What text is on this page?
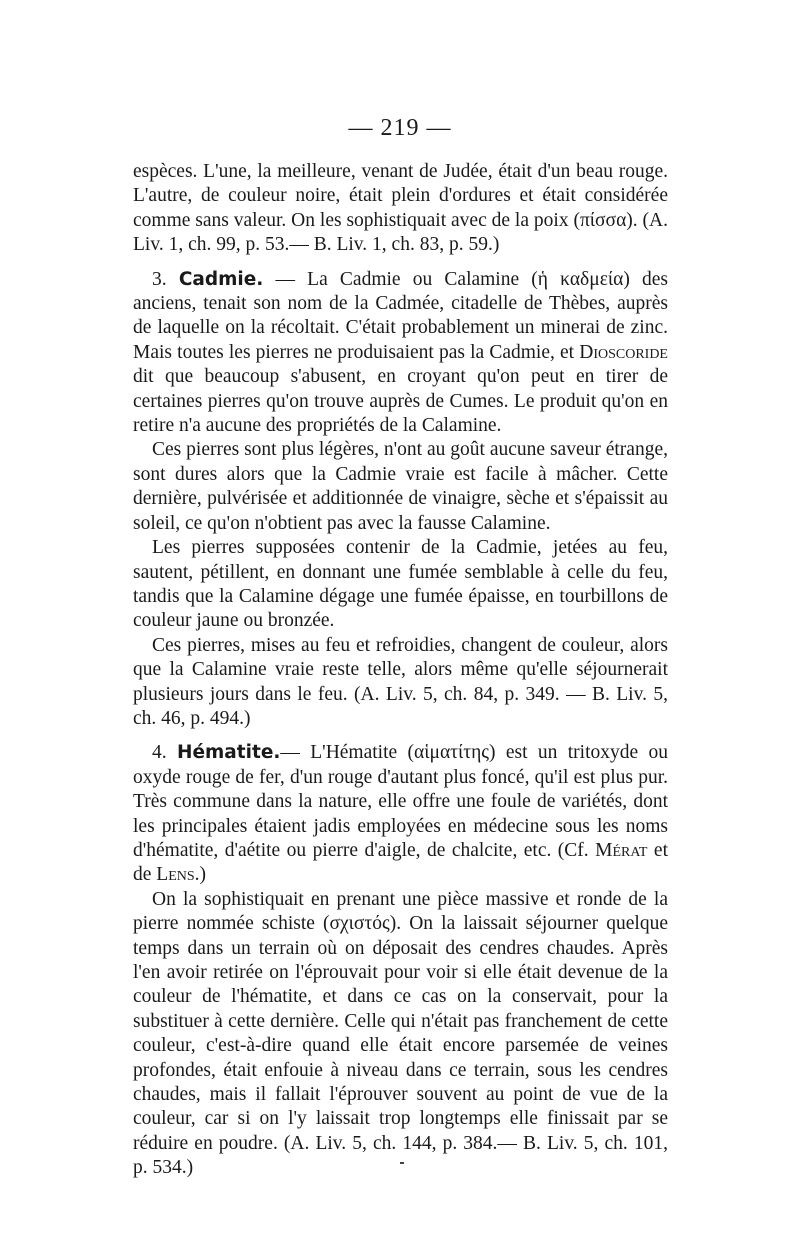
— 219 —

espèces. L'une, la meilleure, venant de Judée, était d'un beau rouge. L'autre, de couleur noire, était plein d'ordures et était considérée comme sans valeur. On les sophistiquait avec de la poix (πίσσα). (A. Liv. 1, ch. 99, p. 53.— B. Liv. 1, ch. 83, p. 59.)

3. Cadmie. — La Cadmie ou Calamine (ἡ καδμεία) des anciens, tenait son nom de la Cadmée, citadelle de Thèbes, auprès de laquelle on la récoltait. C'était probablement un minerai de zinc. Mais toutes les pierres ne produisaient pas la Cadmie, et Dioscoride dit que beaucoup s'abusent, en croyant qu'on peut en tirer de certaines pierres qu'on trouve auprès de Cumes. Le produit qu'on en retire n'a aucune des propriétés de la Calamine.

Ces pierres sont plus légères, n'ont au goût aucune saveur étrange, sont dures alors que la Cadmie vraie est facile à mâcher. Cette dernière, pulvérisée et additionnée de vinaigre, sèche et s'épaissit au soleil, ce qu'on n'obtient pas avec la fausse Calamine.

Les pierres supposées contenir de la Cadmie, jetées au feu, sautent, pétillent, en donnant une fumée semblable à celle du feu, tandis que la Calamine dégage une fumée épaisse, en tourbillons de couleur jaune ou bronzée.

Ces pierres, mises au feu et refroidies, changent de couleur, alors que la Calamine vraie reste telle, alors même qu'elle séjournerait plusieurs jours dans le feu. (A. Liv. 5, ch. 84, p. 349. — B. Liv. 5, ch. 46, p. 494.)

4. Hématite.— L'Hématite (αἱματίτης) est un tritoxyde ou oxyde rouge de fer, d'un rouge d'autant plus foncé, qu'il est plus pur. Très commune dans la nature, elle offre une foule de variétés, dont les principales étaient jadis employées en médecine sous les noms d'hématite, d'aétite ou pierre d'aigle, de chalcite, etc. (Cf. Mérat et de Lens.)

On la sophistiquait en prenant une pièce massive et ronde de la pierre nommée schiste (σχιστός). On la laissait séjourner quelque temps dans un terrain où on déposait des cendres chaudes. Après l'en avoir retirée on l'éprouvait pour voir si elle était devenue de la couleur de l'hématite, et dans ce cas on la conservait, pour la substituer à cette dernière. Celle qui n'était pas franchement de cette couleur, c'est-à-dire quand elle était encore parsemée de veines profondes, était enfouie à niveau dans ce terrain, sous les cendres chaudes, mais il fallait l'éprouver souvent au point de vue de la couleur, car si on l'y laissait trop longtemps elle finissait par se réduire en poudre. (A. Liv. 5, ch. 144, p. 384.— B. Liv. 5, ch. 101, p. 534.)
